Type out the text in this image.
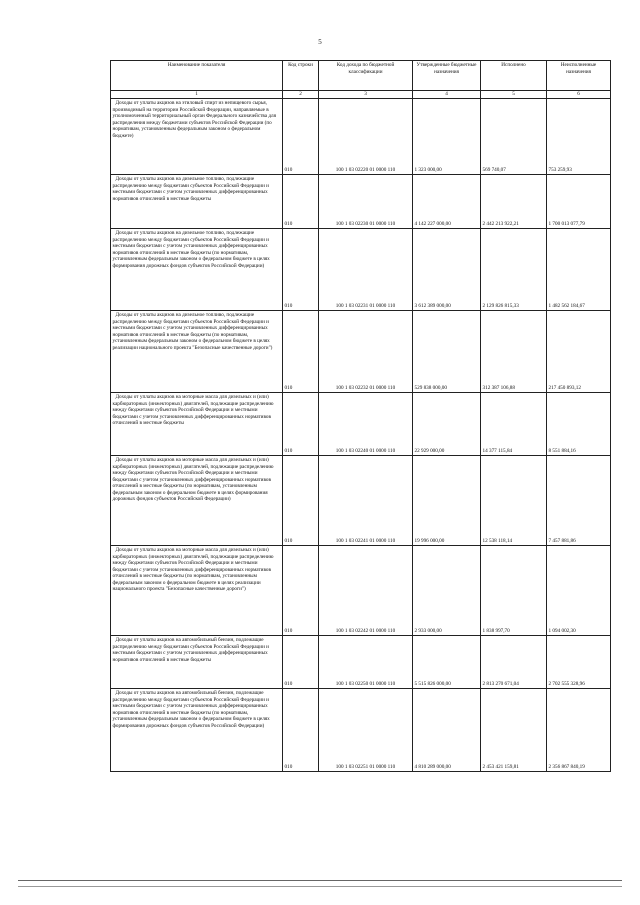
5
Наименование показателя	Код строки	Код дохода по бюджетной классификации	Утвержденные бюджетные назначения	Исполнено	Неисполненные назначения
1	2	3	4	5	6
Доходы от уплаты акцизов на этиловый спирт из непищевого сырья, производимый на территории Российской Федерации, направляемые в уполномоченный территориальный орган Федерального казначейства для распределения между бюджетами субъектов Российской Федерации (по нормативам, установленным федеральным законом о федеральном бюджете)	010	100 1 03 02220 01 0000 110	1 323 000,00	569 740,07	753 259,93
Доходы от уплаты акцизов на дизельное топливо, подлежащие распределению между бюджетами субъектов Российской Федерации и местными бюджетами с учетом установленных дифференцированных нормативов отчислений в местные бюджеты	010	100 1 03 02230 01 0000 110	4 142 227 000,00	2 442 213 922,21	1 700 013 077,79
Доходы от уплаты акцизов на дизельное топливо, подлежащие распределению между бюджетами субъектов Российской Федерации и местными бюджетами с учетом установленных дифференцированных нормативов отчислений в местные бюджеты (по нормативам, установленным федеральным законом о федеральном бюджете в целях формирования дорожных фондов субъектов Российской Федерации)	010	100 1 03 02231 01 0000 110	3 612 389 000,00	2 129 826 815,33	1 482 562 184,67
Доходы от уплаты акцизов на дизельное топливо, подлежащие распределению между бюджетами субъектов Российской Федерации и местными бюджетами с учетом установленных дифференцированных нормативов отчислений в местные бюджеты (по нормативам, установленным федеральным законом о федеральном бюджете в целях реализации национального проекта "Безопасные качественные дороги")	010	100 1 03 02232 01 0000 110	529 838 000,00	312 387 106,88	217 450 893,12
Доходы от уплаты акцизов на моторные масла для дизельных и (или) карбюраторных (инжекторных) двигателей, подлежащие распределению между бюджетами субъектов Российской Федерации и местными бюджетами с учетом установленных дифференцированных нормативов отчислений в местные бюджеты	010	100 1 03 02240 01 0000 110	22 929 000,00	14 377 115,84	8 551 884,16
Доходы от уплаты акцизов на моторные масла для дизельных и (или) карбюраторных (инжекторных) двигателей, подлежащие распределению между бюджетами субъектов Российской Федерации и местными бюджетами с учетом установленных дифференцированных нормативов отчислений в местные бюджеты (по нормативам, установленным федеральным законом о федеральном бюджете в целях формирования дорожных фондов субъектов Российской Федерации)	010	100 1 03 02241 01 0000 110	19 996 000,00	12 538 118,14	7 457 881,86
Доходы от уплаты акцизов на моторные масла для дизельных и (или) карбюраторных (инжекторных) двигателей, подлежащие распределению между бюджетами субъектов Российской Федерации и местными бюджетами с учетом установленных дифференцированных нормативов отчислений в местные бюджеты (по нормативам, установленным федеральным законом о федеральном бюджете в целях реализации национального проекта "Безопасные качественные дороги")	010	100 1 03 02242 01 0000 110	2 933 000,00	1 838 997,70	1 094 002,30
Доходы от уплаты акцизов на автомобильный бензин, подлежащие распределению между бюджетами субъектов Российской Федерации и местными бюджетами с учетом установленных дифференцированных нормативов отчислений в местные бюджеты	010	100 1 03 02250 01 0000 110	5 515 826 000,00	2 813 270 671,04	2 702 555 328,96
Доходы от уплаты акцизов на автомобильный бензин, подлежащие распределению между бюджетами субъектов Российской Федерации и местными бюджетами с учетом установленных дифференцированных нормативов отчислений в местные бюджеты (по нормативам, установленным федеральным законом о федеральном бюджете в целях формирования дорожных фондов субъектов Российской Федерации)	010	100 1 03 02251 01 0000 110	4 810 289 000,00	2 453 421 159,81	2 356 867 840,19
